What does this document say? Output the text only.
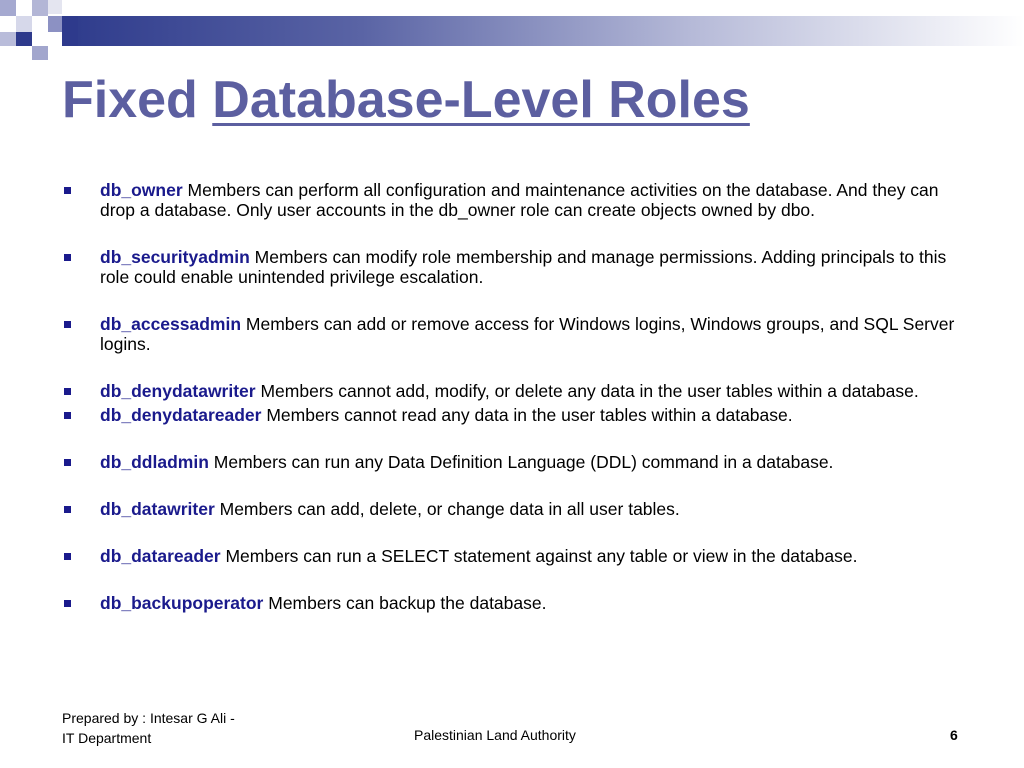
Fixed Database-Level Roles
db_owner Members can perform all configuration and maintenance activities on the database. And they can drop a database. Only user accounts in the db_owner role can create objects owned by dbo.
db_securityadmin Members can modify role membership and manage permissions. Adding principals to this role could enable unintended privilege escalation.
db_accessadmin Members can add or remove access for Windows logins, Windows groups, and SQL Server logins.
db_denydatawriter Members cannot add, modify, or delete any data in the user tables within a database.
db_denydatareader Members cannot read any data in the user tables within a database.
db_ddladmin Members can run any Data Definition Language (DDL) command in a database.
db_datawriter Members can add, delete, or change data in all user tables.
db_datareader Members can run a SELECT statement against any table or view in the database.
db_backupoperator Members can backup the database.
Prepared by : Intesar G Ali -
IT Department	Palestinian Land Authority	6
